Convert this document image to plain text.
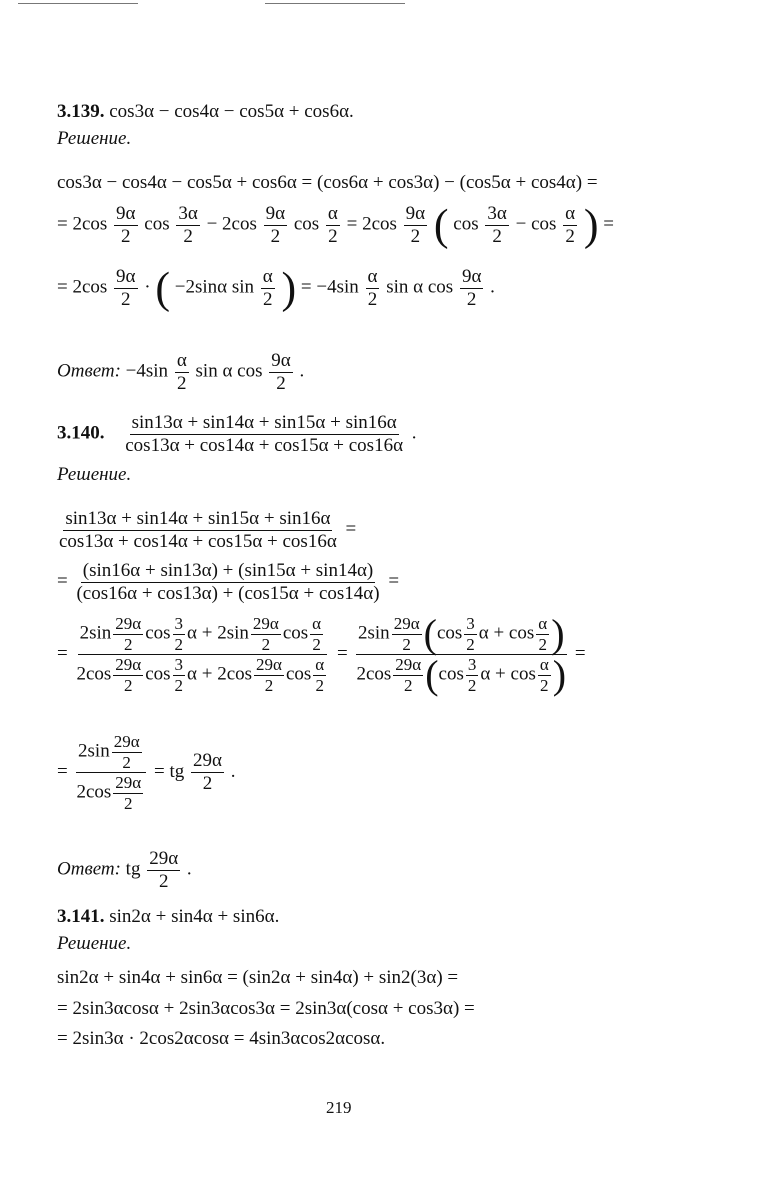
3.139. cos3α − cos4α − cos5α + cos6α.
Решение.
cos3α − cos4α − cos5α + cos6α = (cos6α + cos3α) − (cos5α + cos4α) =
= $2\cos \frac{9\alpha}{2}$ $\cos \frac{3\alpha}{2} - 2\cos \frac{9\alpha}{2}$ $\cos \frac{\alpha}{2} = 2\cos \frac{9\alpha}{2}$ ( $\cos \frac{3\alpha}{2} - \cos \frac{\alpha}{2}$ ) =
= $2\cos \frac{9\alpha}{2}$ · ( −2sinα $\sin \frac{\alpha}{2}$ ) = $-4\sin \frac{\alpha}{2}$ sin α $\cos \frac{9\alpha}{2}$ .
Ответ: $-4\sin \frac{\alpha}{2}$ sin α $\cos \frac{9\alpha}{2}$ .
3.140. $\frac{\sin 13\alpha + \sin 14\alpha + \sin 15\alpha + \sin 16\alpha}{\cos 13\alpha + \cos 14\alpha + \cos 15\alpha + \cos 16\alpha}$ .
Решение.
$\frac{\sin 13\alpha + \sin 14\alpha + \sin 15\alpha + \sin 16\alpha}{\cos 13\alpha + \cos 14\alpha + \cos 15\alpha + \cos 16\alpha}$ =
= $\frac{(\sin 16\alpha + \sin 13\alpha) + (\sin 15\alpha + \sin 14\alpha)}{(\cos 16\alpha + \cos 13\alpha) + (\cos 15\alpha + \cos 14\alpha)}$ =
= $\frac{2\sin \frac{29\alpha}{2} \cos \frac{3}{2} \alpha + 2\sin \frac{29\alpha}{2} \cos \frac{\alpha}{2}}{2\cos \frac{29\alpha}{2} \cos \frac{3}{2} \alpha + 2\cos \frac{29\alpha}{2} \cos \frac{\alpha}{2}} = \frac{2\sin \frac{29\alpha}{2} (\cos \frac{3}{2} \alpha + \cos \frac{\alpha}{2} )}{2\cos \frac{29\alpha}{2} (\cos \frac{3}{2} \alpha + \cos \frac{\alpha}{2} )}$ =
= $\frac{2\sin \frac{29\alpha}{2}}{2\cos \frac{29\alpha}{2}}$ = tg $\frac{29\alpha}{2}$ .
Ответ: tg $\frac{29\alpha}{2}$ .
3.141. sin2α + sin4α + sin6α.
Решение.
sin2α + sin4α + sin6α = (sin2α + sin4α) + sin2(3α) =
= 2sin3αcosα + 2sin3αcos3α = 2sin3α(cosα + cos3α) =
= 2sin3α · 2cos2αcosα = 4sin3αcos2αcosα.
219
